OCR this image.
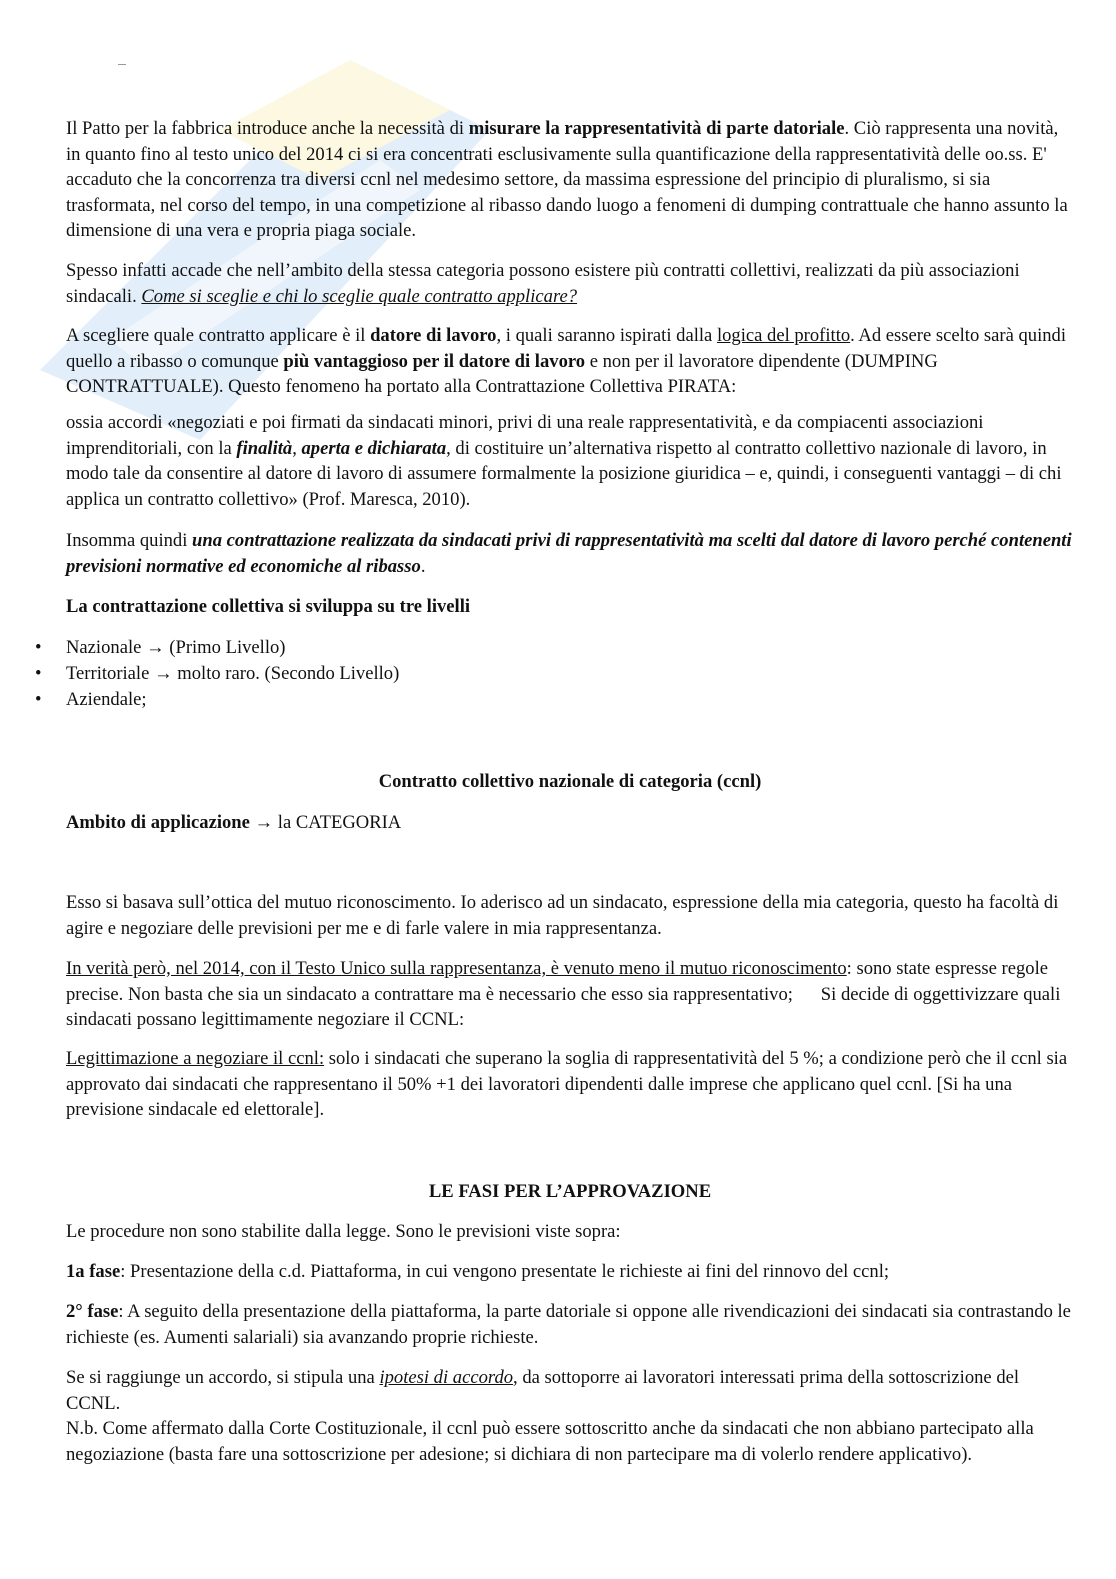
Il Patto per la fabbrica introduce anche la necessità di misurare la rappresentatività di parte datoriale. Ciò rappresenta una novità, in quanto fino al testo unico del 2014 ci si era concentrati esclusivamente sulla quantificazione della rappresentatività delle oo.ss. E' accaduto che la concorrenza tra diversi ccnl nel medesimo settore, da massima espressione del principio di pluralismo, si sia trasformata, nel corso del tempo, in una competizione al ribasso dando luogo a fenomeni di dumping contrattuale che hanno assunto la dimensione di una vera e propria piaga sociale.
Spesso infatti accade che nell’ambito della stessa categoria possono esistere più contratti collettivi, realizzati da più associazioni sindacali. Come si sceglie e chi lo sceglie quale contratto applicare?
A scegliere quale contratto applicare è il datore di lavoro, i quali saranno ispirati dalla logica del profitto. Ad essere scelto sarà quindi quello a ribasso o comunque più vantaggioso per il datore di lavoro e non per il lavoratore dipendente (DUMPING CONTRATTUALE). Questo fenomeno ha portato alla Contrattazione Collettiva PIRATA:
ossia accordi «negoziati e poi firmati da sindacati minori, privi di una reale rappresentatività, e da compiacenti associazioni imprenditoriali, con la finalità, aperta e dichiarata, di costituire un’alternativa rispetto al contratto collettivo nazionale di lavoro, in modo tale da consentire al datore di lavoro di assumere formalmente la posizione giuridica – e, quindi, i conseguenti vantaggi – di chi applica un contratto collettivo» (Prof. Maresca, 2010).
Insomma quindi una contrattazione realizzata da sindacati privi di rappresentatività ma scelti dal datore di lavoro perché contenenti previsioni normative ed economiche al ribasso.
La contrattazione collettiva si sviluppa su tre livelli
• Nazionale → (Primo Livello)
• Territoriale → molto raro. (Secondo Livello)
• Aziendale;
Contratto collettivo nazionale di categoria (ccnl)
Ambito di applicazione → la CATEGORIA
Esso si basava sull’ottica del mutuo riconoscimento. Io aderisco ad un sindacato, espressione della mia categoria, questo ha facoltà di agire e negoziare delle previsioni per me e di farle valere in mia rappresentanza.
In verità però, nel 2014, con il Testo Unico sulla rappresentanza, è venuto meno il mutuo riconoscimento: sono state espresse regole precise. Non basta che sia un sindacato a contrattare ma è necessario che esso sia rappresentativo;      Si decide di oggettivizzare quali sindacati possano legittimamente negoziare il CCNL:
Legittimazione a negoziare il ccnl: solo i sindacati che superano la soglia di rappresentatività del 5 %; a condizione però che il ccnl sia approvato dai sindacati che rappresentano il 50% +1 dei lavoratori dipendenti dalle imprese che applicano quel ccnl. [Si ha una previsione sindacale ed elettorale].
LE FASI PER L’APPROVAZIONE
Le procedure non sono stabilite dalla legge. Sono le previsioni viste sopra:
1a fase: Presentazione della c.d. Piattaforma, in cui vengono presentate le richieste ai fini del rinnovo del ccnl;
2° fase: A seguito della presentazione della piattaforma, la parte datoriale si oppone alle rivendicazioni dei sindacati sia contrastando le richieste (es. Aumenti salariali) sia avanzando proprie richieste.
Se si raggiunge un accordo, si stipula una ipotesi di accordo, da sottoporre ai lavoratori interessati prima della sottoscrizione del CCNL.
N.b. Come affermato dalla Corte Costituzionale, il ccnl può essere sottoscritto anche da sindacati che non abbiano partecipato alla negoziazione (basta fare una sottoscrizione per adesione; si dichiara di non partecipare ma di volerlo rendere applicativo).
